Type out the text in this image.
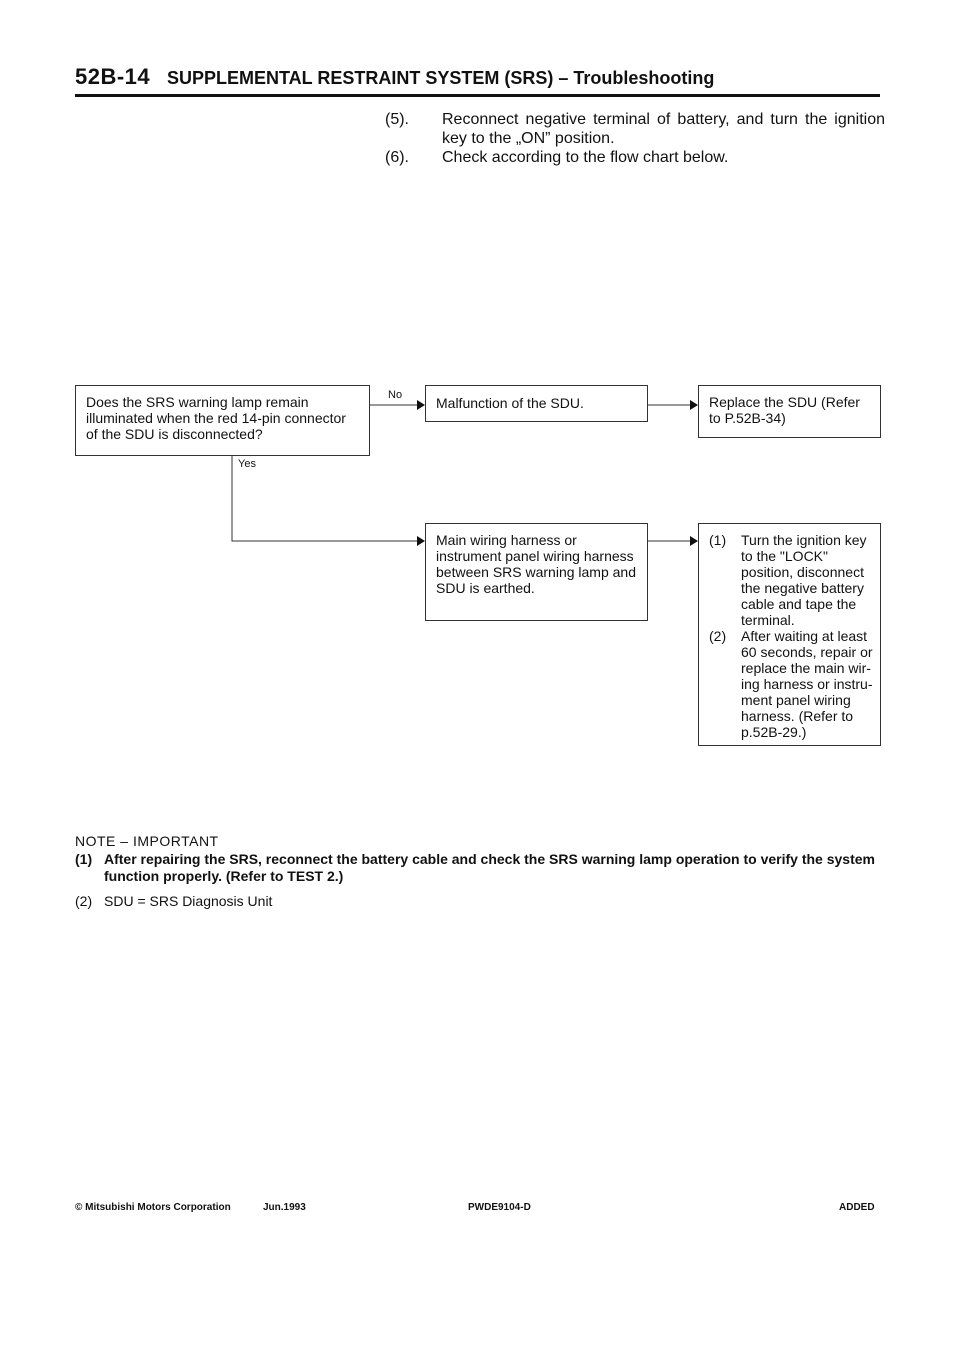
52B-14 SUPPLEMENTAL RESTRAINT SYSTEM (SRS) – Troubleshooting
(5). Reconnect negative terminal of battery, and turn the ignition key to the „ON” position.
(6). Check according to the flow chart below.
No
Yes
Does the SRS warning lamp remain illuminated when the red 14-pin connector of the SDU is disconnected?
Malfunction of the SDU.	Replace the SDU (Refer to P.52B-34)
Main wiring harness or instrument panel wiring harness between SRS warning lamp and SDU is earthed.
(1) Turn the ignition key to the "LOCK" position, disconnect the negative battery cable and tape the terminal.
(2) After waiting at least 60 seconds, repair or replace the main wir- ing harness or instru- ment panel wiring harness. (Refer to p.52B-29.)
NOTE – IMPORTANT
(1) After repairing the SRS, reconnect the battery cable and check the SRS warning lamp operation to verify the system function properly. (Refer to TEST 2.)
(2) SDU = SRS Diagnosis Unit
© Mitsubishi Motors Corporation	Jun.1993	PWDE9104-D	ADDED
